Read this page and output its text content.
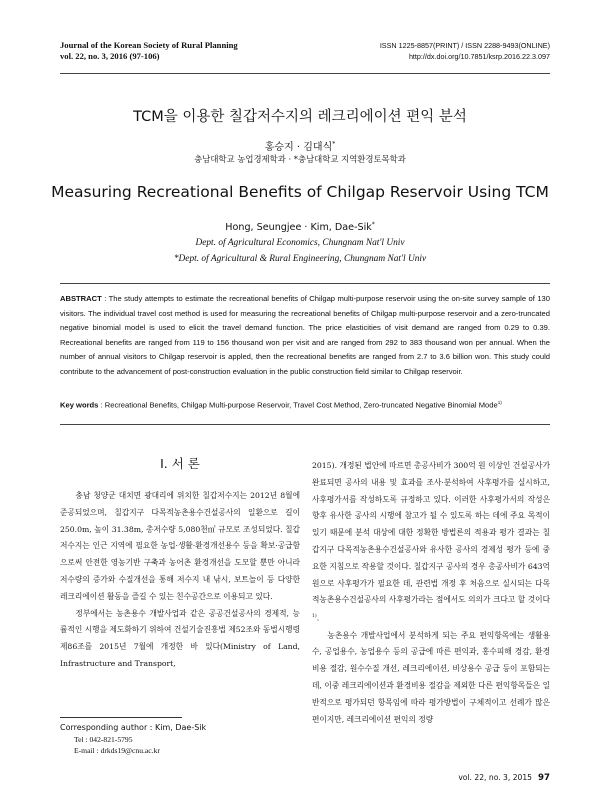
Journal of the Korean Society of Rural Planning
vol. 22, no. 3, 2016 (97-106)
ISSN 1225-8857(PRINT) / ISSN 2288-9493(ONLINE)
http://dx.doi.org/10.7851/ksrp.2016.22.3.097
TCM을 이용한 칠갑저수지의 레크리에이션 편익 분석
홍승지 · 김대식*
충남대학교 농업경제학과 · *충남대학교 지역환경토목학과
Measuring Recreational Benefits of Chilgap Reservoir Using TCM
Hong, Seungjee · Kim, Dae-Sik*
Dept. of Agricultural Economics, Chungnam Nat'l Univ
*Dept. of Agricultural & Rural Engineering, Chungnam Nat'l Univ
ABSTRACT : The study attempts to estimate the recreational benefits of Chilgap multi-purpose reservoir using the on-site survey sample of 130 visitors. The individual travel cost method is used for measuring the recreational benefits of Chilgap multi-purpose reservoir and a zero-truncated negative binomial model is used to elicit the travel demand function. The price elasticities of visit demand are ranged from 0.29 to 0.39. Recreational benefits are ranged from 119 to 156 thousand won per visit and are ranged from 292 to 383 thousand won per annual. When the number of annual visitors to Chilgap reservoir is appled, then the recreational benefits are ranged from 2.7 to 3.6 billion won. This study could contribute to the advancement of post-construction evaluation in the public construction field similar to Chilgap reservoir.
Key words : Recreational Benefits, Chilgap Multi-purpose Reservoir, Travel Cost Method, Zero-truncated Negative Binomial Mode$^{1)}$
Ⅰ. 서 론

충남 청양군 대치면 광대리에 위치한 칠갑저수지는 2012년 8월에 준공되었으며, 칠갑지구 다목적농촌용수건설공사의 일환으로 길이 250.0m, 높이 31.38m, 총저수량 5,080천㎥ 규모로 조성되었다. 칠갑저수지는 인근 지역에 필요한 농업·생활·환경개선용수 등을 확보·공급함으로써 안전한 영농기반 구축과 농어촌 환경개선을 도모할 뿐만 아니라 저수량의 증가와 수질개선을 통해 저수지 내 낚시, 보트놀이 등 다양한 레크리에이션 활동을 즐길 수 있는 친수공간으로 이용되고 있다.

정부에서는 농촌용수 개발사업과 같은 공공건설공사의 경제적, 능률적인 시행을 제도화하기 위하여 건설기술진흥법 제52조와 동법시행령 제86조를 2015년 7월에 개정한 바 있다(Ministry of Land, Infrastructure and Transport,

2015). 개정된 법안에 따르면 총공사비가 300억 원 이상인 건설공사가 완료되면 공사의 내용 및 효과를 조사·분석하여 사후평가를 실시하고, 사후평가서를 작성하도록 규정하고 있다. 이러한 사후평가서의 작성은 향후 유사한 공사의 시행에 참고가 될 수 있도록 하는 데에 주요 목적이 있기 때문에 분석 대상에 대한 정확한 방법론의 적용과 평가 결과는 칠갑지구 다목적농촌용수건설공사와 유사한 공사의 경제성 평가 등에 중요한 지침으로 작용할 것이다. 칠갑지구 공사의 경우 총공사비가 643억 원으로 사후평가가 필요한 데, 관련법 개정 후 처음으로 실시되는 다목적농촌용수건설공사의 사후평가라는 점에서도 의의가 크다고 할 것이다$^{1)}$.

농촌용수 개발사업에서 분석하게 되는 주요 편익항목에는 생활용수, 공업용수, 농업용수 등의 공급에 따른 편익과, 홍수피해 경감, 환경비용 절감, 원수수질 개선, 레크리에이션, 비상용수 공급 등이 포함되는 데, 이중 레크리에이션과 환경비용 절감을 제외한 다른 편익항목들은 일반적으로 평가되던 항목임에 따라 평가방법이 구체적이고 선례가 많은 편이지만, 레크리에이션 편익의 정량

Corresponding author : Kim, Dae-Sik
Tel : 042-821-5795
E-mail : drkds19@cnu.ac.kr
vol. 22, no. 3, 2015 97
